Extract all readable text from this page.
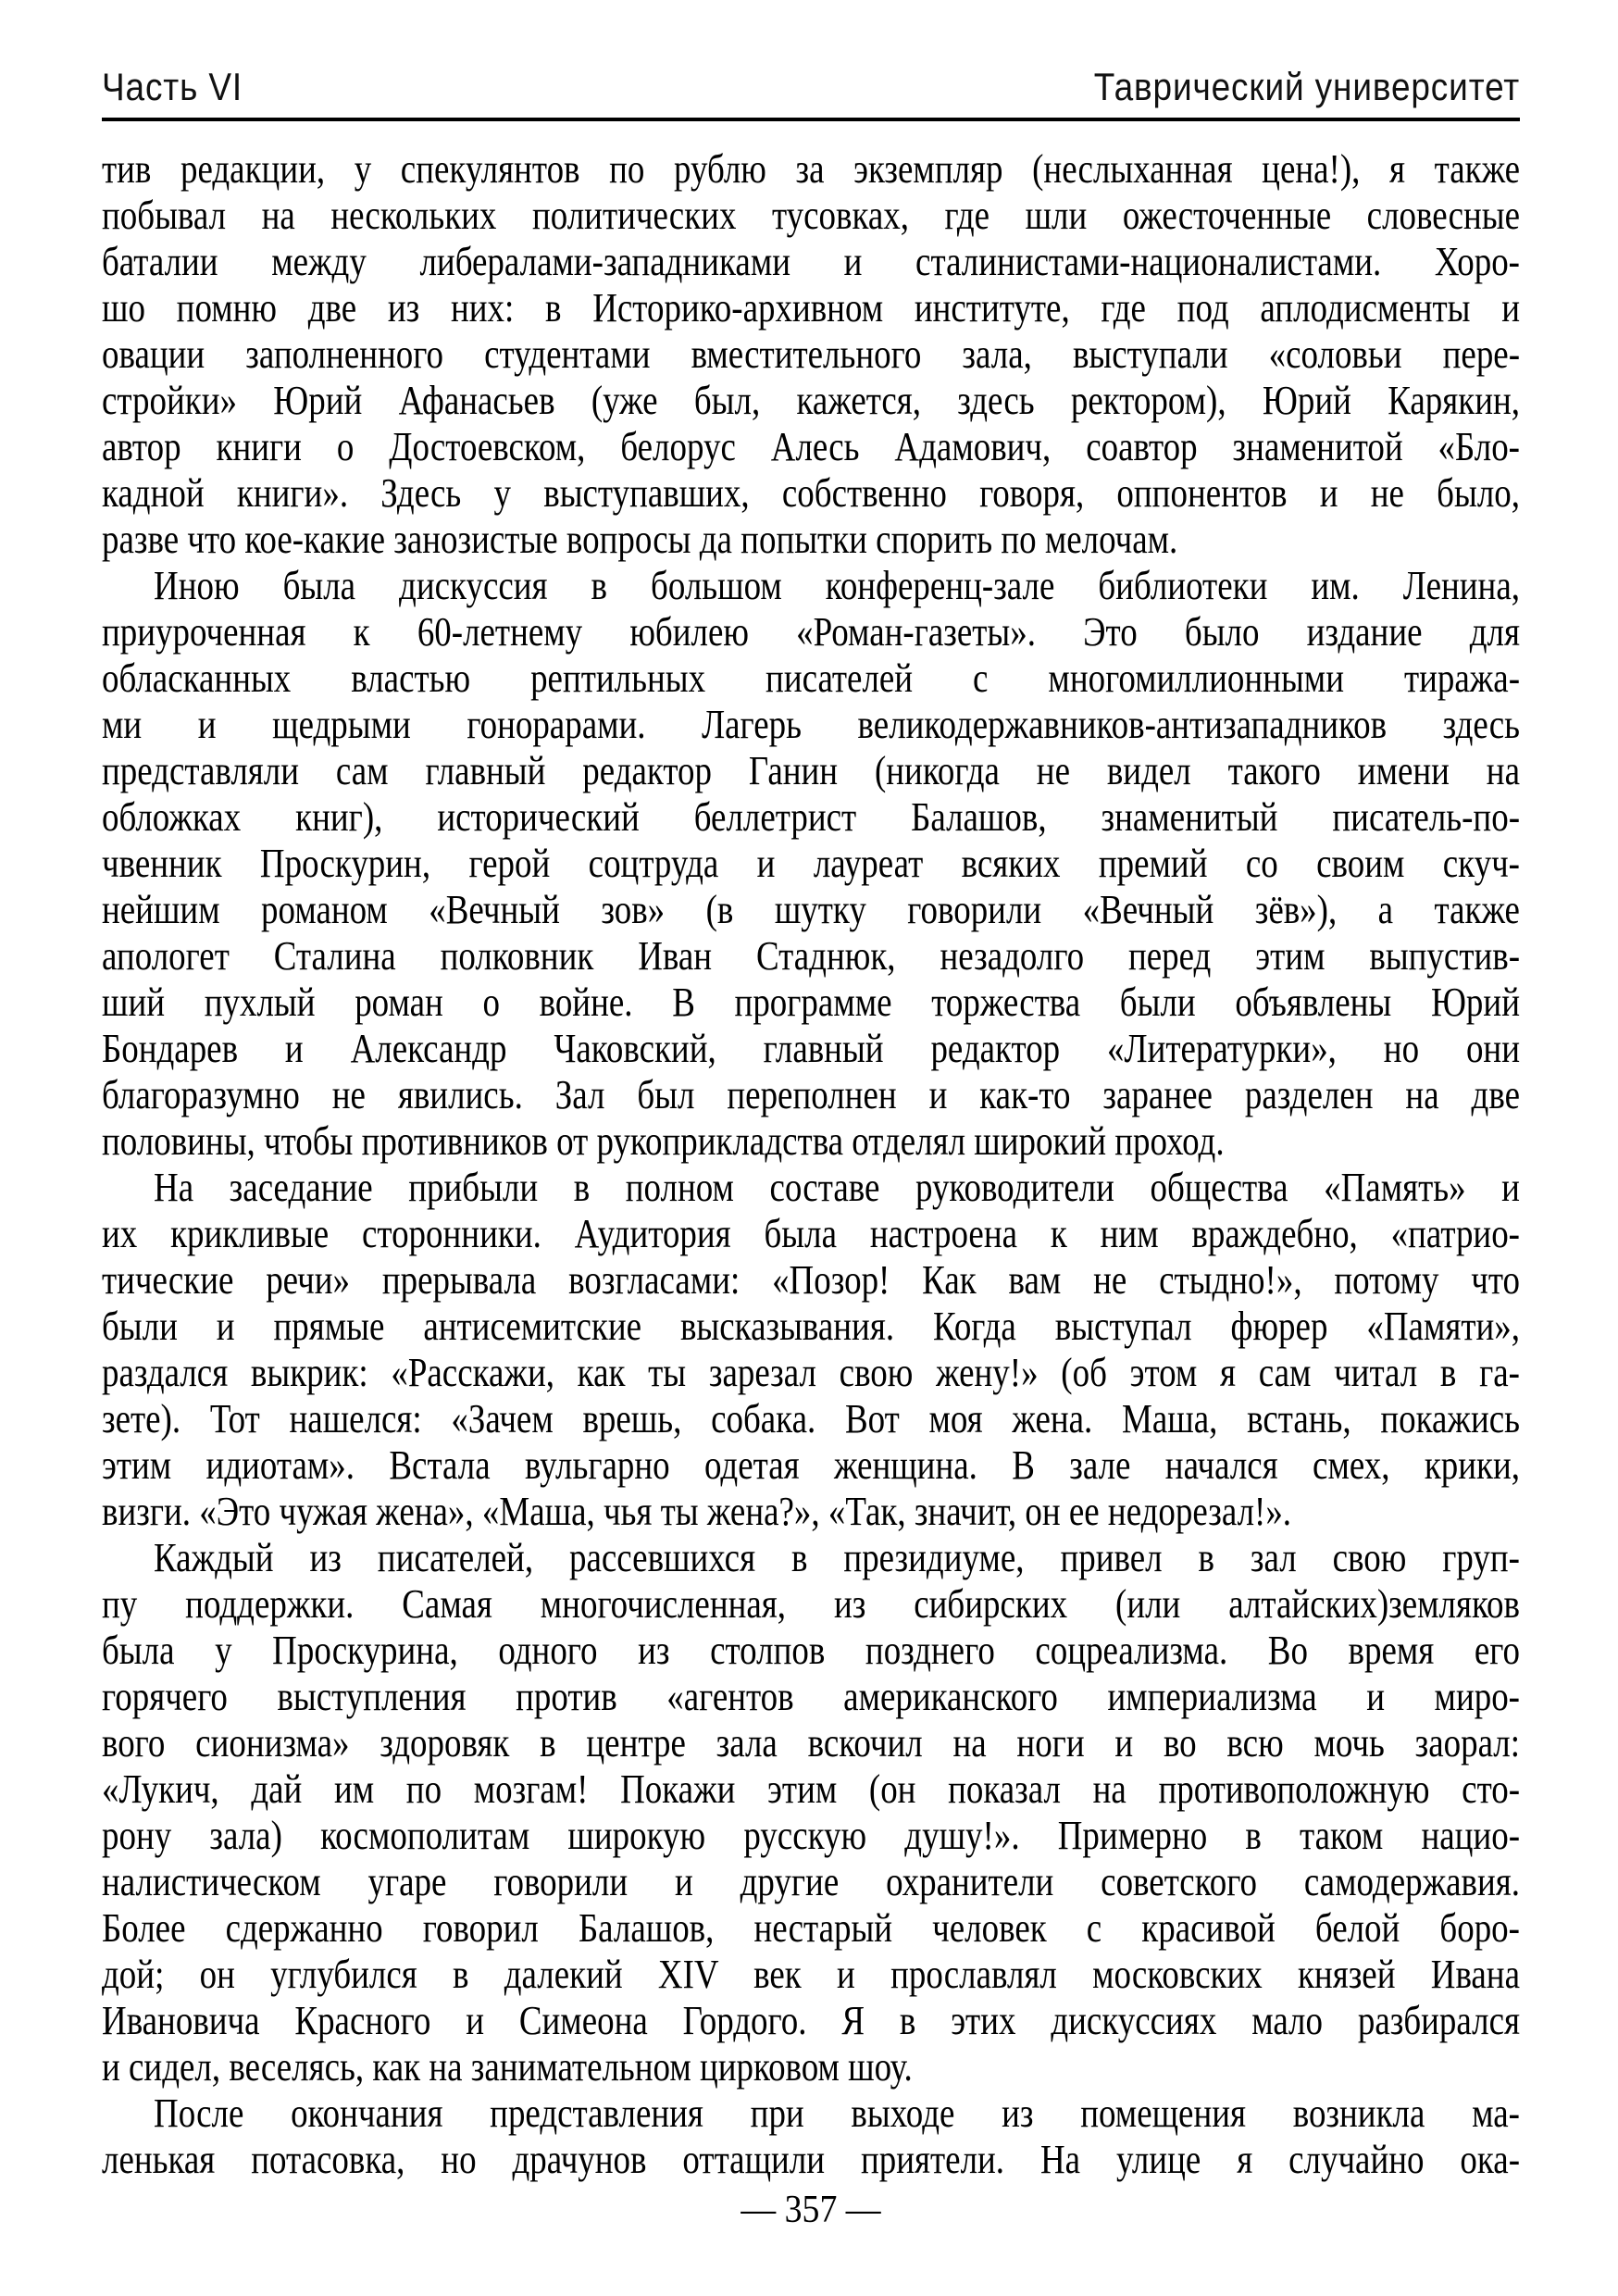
Часть VI	Таврический университет

тив редакции, у спекулянтов по рублю за экземпляр (неслыханная цена!), я также
побывал на нескольких политических тусовках, где шли ожесточенные словесные
баталии между либералами-западниками и сталинистами-националистами. Хоро-
шо помню две из них: в Историко-архивном институте, где под аплодисменты и
овации заполненного студентами вместительного зала, выступали «соловьи пере-
стройки» Юрий Афанасьев (уже был, кажется, здесь ректором), Юрий Карякин,
автор книги о Достоевском, белорус Алесь Адамович, соавтор знаменитой «Бло-
кадной книги». Здесь у выступавших, собственно говоря, оппонентов и не было,
разве что кое-какие занозистые вопросы да попытки спорить по мелочам.

Иною была дискуссия в большом конференц-зале библиотеки им. Ленина,
приуроченная к 60-летнему юбилею «Роман-газеты». Это было издание для
обласканных властью рептильных писателей с многомиллионными тиража-
ми и щедрыми гонорарами. Лагерь великодержавников-антизападников здесь
представляли сам главный редактор Ганин (никогда не видел такого имени на
обложках книг), исторический беллетрист Балашов, знаменитый писатель-по-
чвенник Проскурин, герой соцтруда и лауреат всяких премий со своим скуч-
нейшим романом «Вечный зов» (в шутку говорили «Вечный зёв»), а также
апологет Сталина полковник Иван Стаднюк, незадолго перед этим выпустив-
ший пухлый роман о войне. В программе торжества были объявлены Юрий
Бондарев и Александр Чаковский, главный редактор «Литературки», но они
благоразумно не явились. Зал был переполнен и как-то заранее разделен на две
половины, чтобы противников от рукоприкладства отделял широкий проход.

На заседание прибыли в полном составе руководители общества «Память» и
их крикливые сторонники. Аудитория была настроена к ним враждебно, «патрио-
тические речи» прерывала возгласами: «Позор! Как вам не стыдно!», потому что
были и прямые антисемитские высказывания. Когда выступал фюрер «Памяти»,
раздался выкрик: «Расскажи, как ты зарезал свою жену!» (об этом я сам читал в га-
зете). Тот нашелся: «Зачем врешь, собака. Вот моя жена. Маша, встань, покажись
этим идиотам». Встала вульгарно одетая женщина. В зале начался смех, крики,
визги. «Это чужая жена», «Маша, чья ты жена?», «Так, значит, он ее недорезал!».

Каждый из писателей, рассевшихся в президиуме, привел в зал свою груп-
пу поддержки. Самая многочисленная, из сибирских (или алтайских)земляков
была у Проскурина, одного из столпов позднего соцреализма. Во время его
горячего выступления против «агентов американского империализма и миро-
вого сионизма» здоровяк в центре зала вскочил на ноги и во всю мочь заорал:
«Лукич, дай им по мозгам! Покажи этим (он показал на противоположную сто-
рону зала) космополитам широкую русскую душу!». Примерно в таком нацио-
налистическом угаре говорили и другие охранители советского самодержавия.
Более сдержанно говорил Балашов, нестарый человек с красивой белой боро-
дой; он углубился в далекий XIV век и прославлял московских князей Ивана
Ивановича Красного и Симеона Гордого. Я в этих дискуссиях мало разбирался
и сидел, веселясь, как на занимательном цирковом шоу.

После окончания представления при выходе из помещения возникла ма-
ленькая потасовка, но драчунов оттащили приятели. На улице я случайно ока-

— 357 —
